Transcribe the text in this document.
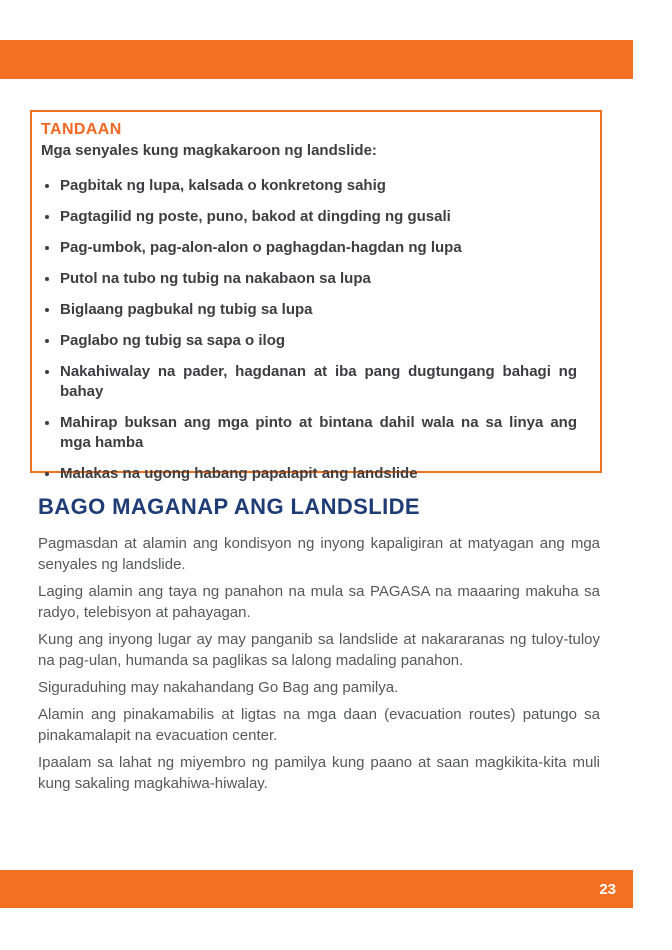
TANDAAN
Mga senyales kung magkakaroon ng landslide:
Pagbitak ng lupa, kalsada o konkretong sahig
Pagtagilid ng poste, puno, bakod at dingding ng gusali
Pag-umbok, pag-alon-alon o paghagdan-hagdan ng lupa
Putol na tubo ng tubig na nakabaon sa lupa
Biglaang pagbukal ng tubig sa lupa
Paglabo ng tubig sa sapa o ilog
Nakahiwalay na pader, hagdanan at iba pang dugtungang bahagi ng bahay
Mahirap buksan ang mga pinto at bintana dahil wala na sa linya ang mga hamba
Malakas na ugong habang papalapit ang landslide
BAGO MAGANAP ANG LANDSLIDE

Pagmasdan at alamin ang kondisyon ng inyong kapaligiran at matyagan ang mga senyales ng landslide.

Laging alamin ang taya ng panahon na mula sa PAGASA na maaaring makuha sa radyo, telebisyon at pahayagan.

Kung ang inyong lugar ay may panganib sa landslide at nakararanas ng tuloy-tuloy na pag-ulan, humanda sa paglikas sa lalong madaling panahon.

Siguraduhing may nakahandang Go Bag ang pamilya.

Alamin ang pinakamabilis at ligtas na mga daan (evacuation routes) patungo sa pinakamalapit na evacuation center.

Ipaalam sa lahat ng miyembro ng pamilya kung paano at saan magkikita-kita muli kung sakaling magkahiwa-hiwalay.

23
